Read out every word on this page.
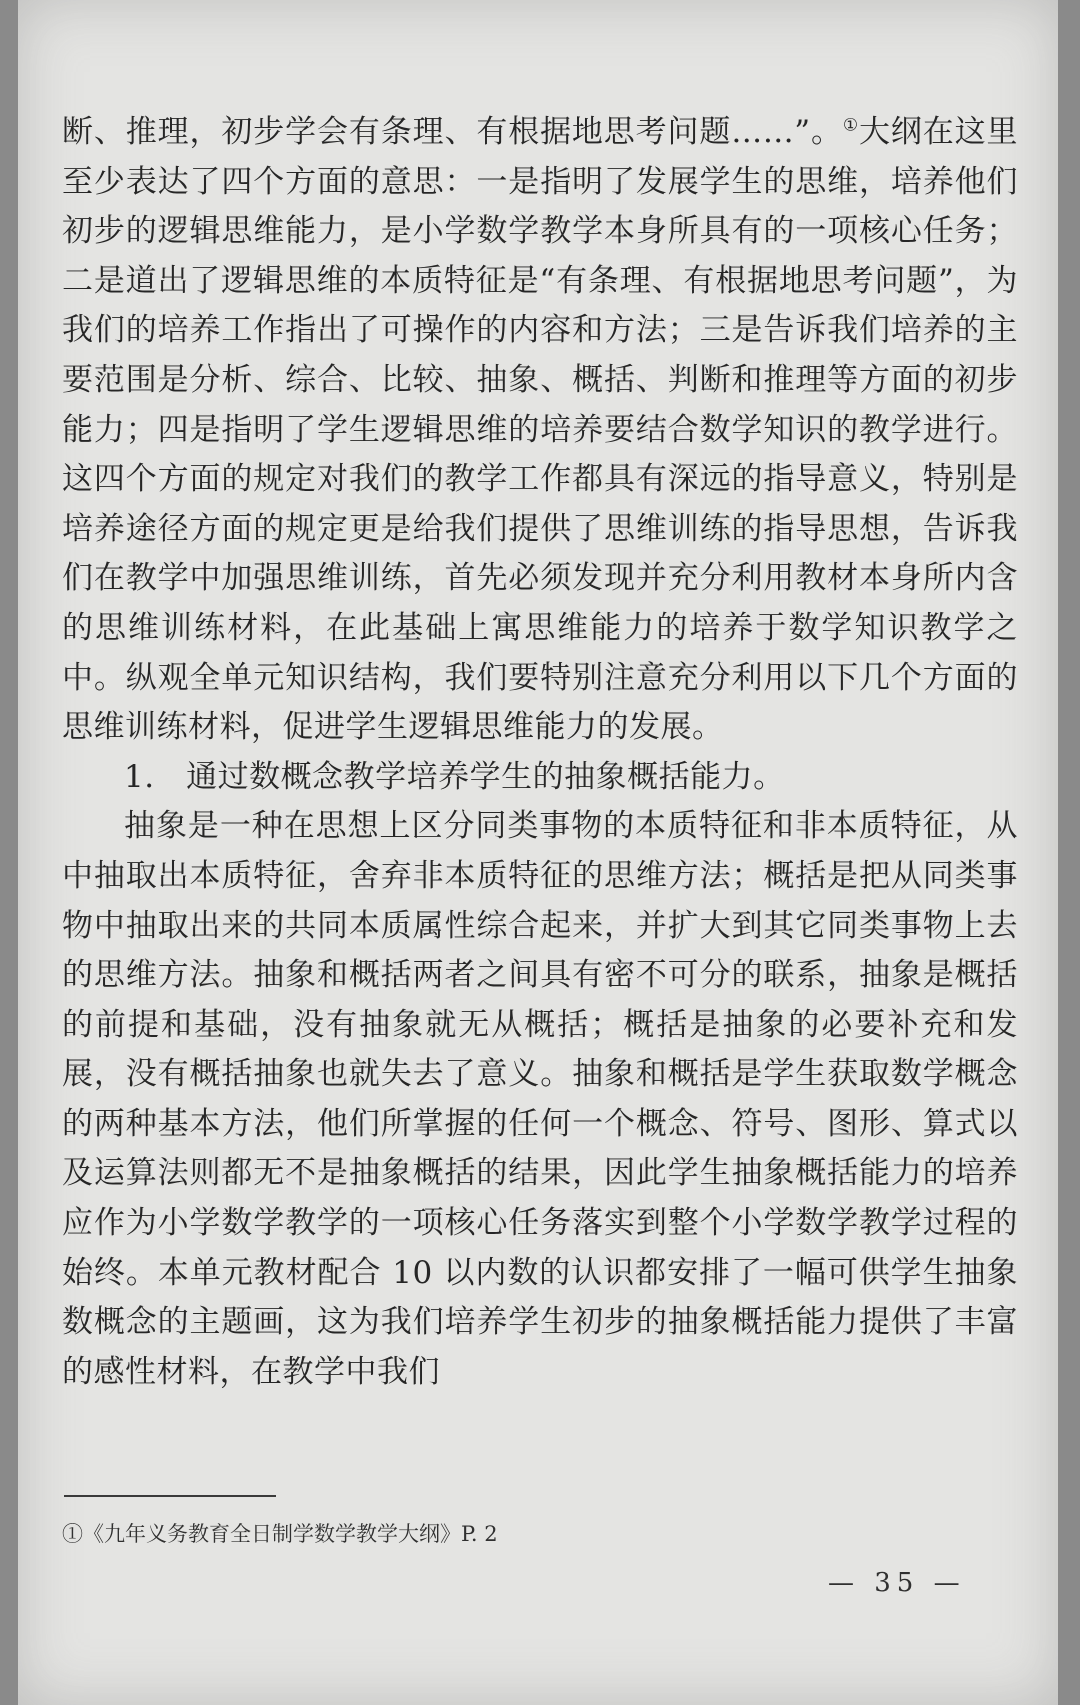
断、推理，初步学会有条理、有根据地思考问题……”。①大纲在这里至少表达了四个方面的意思：一是指明了发展学生的思维，培养他们初步的逻辑思维能力，是小学数学教学本身所具有的一项核心任务；二是道出了逻辑思维的本质特征是“有条理、有根据地思考问题”，为我们的培养工作指出了可操作的内容和方法；三是告诉我们培养的主要范围是分析、综合、比较、抽象、概括、判断和推理等方面的初步能力；四是指明了学生逻辑思维的培养要结合数学知识的教学进行。这四个方面的规定对我们的教学工作都具有深远的指导意义，特别是培养途径方面的规定更是给我们提供了思维训练的指导思想，告诉我们在教学中加强思维训练，首先必须发现并充分利用教材本身所内含的思维训练材料，在此基础上寓思维能力的培养于数学知识教学之中。纵观全单元知识结构，我们要特别注意充分利用以下几个方面的思维训练材料，促进学生逻辑思维能力的发展。

1.　通过数概念教学培养学生的抽象概括能力。

抽象是一种在思想上区分同类事物的本质特征和非本质特征，从中抽取出本质特征，舍弃非本质特征的思维方法；概括是把从同类事物中抽取出来的共同本质属性综合起来，并扩大到其它同类事物上去的思维方法。抽象和概括两者之间具有密不可分的联系，抽象是概括的前提和基础，没有抽象就无从概括；概括是抽象的必要补充和发展，没有概括抽象也就失去了意义。抽象和概括是学生获取数学概念的两种基本方法，他们所掌握的任何一个概念、符号、图形、算式以及运算法则都无不是抽象概括的结果，因此学生抽象概括能力的培养应作为小学数学教学的一项核心任务落实到整个小学数学教学过程的始终。本单元教材配合 10 以内数的认识都安排了一幅可供学生抽象数概念的主题画，这为我们培养学生初步的抽象概括能力提供了丰富的感性材料，在教学中我们

①《九年义务教育全日制学数学教学大纲》P. 2
— 35 —
